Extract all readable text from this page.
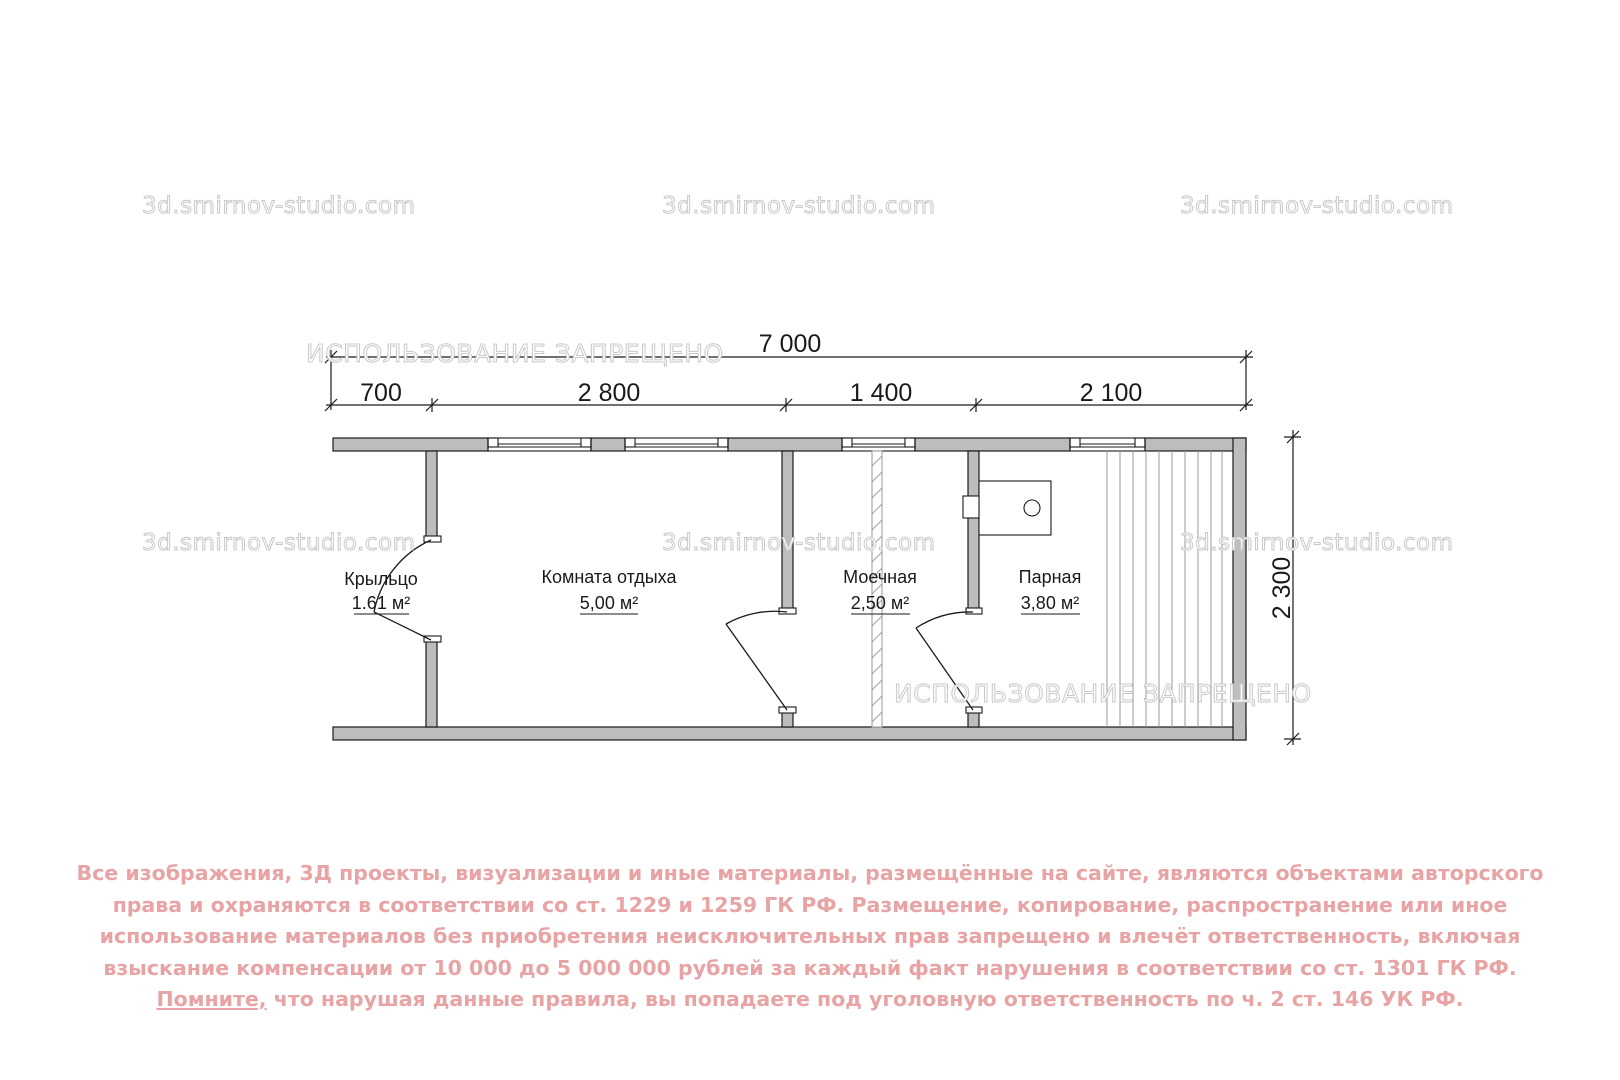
3d.smirnov-studio.com	3d.smirnov-studio.com	3d.smirnov-studio.com
7 000
700	2 800	1 400	2 100
2 300
Крыльцо
1.61 м²
Комната отдыха
5,00 м²
Моечная
2,50 м²
Парная
3,80 м²
3d.smirnov-studio.com	3d.smirnov-studio.com	3d.smirnov-studio.com
ИСПОЛЬЗОВАНИЕ ЗАПРЕЩЕНО
ИСПОЛЬЗОВАНИЕ ЗАПРЕЩЕНО
Все изображения, 3Д проекты, визуализации и иные материалы, размещённые на сайте, являются объектами авторского
права и охраняются в соответствии со ст. 1229 и 1259 ГК РФ. Размещение, копирование, распространение или иное
использование материалов без приобретения неисключительных прав запрещено и влечёт ответственность, включая
взыскание компенсации от 10 000 до 5 000 000 рублей за каждый факт нарушения в соответствии со ст. 1301 ГК РФ.
Помните, что нарушая данные правила, вы попадаете под уголовную ответственность по ч. 2 ст. 146 УК РФ.
